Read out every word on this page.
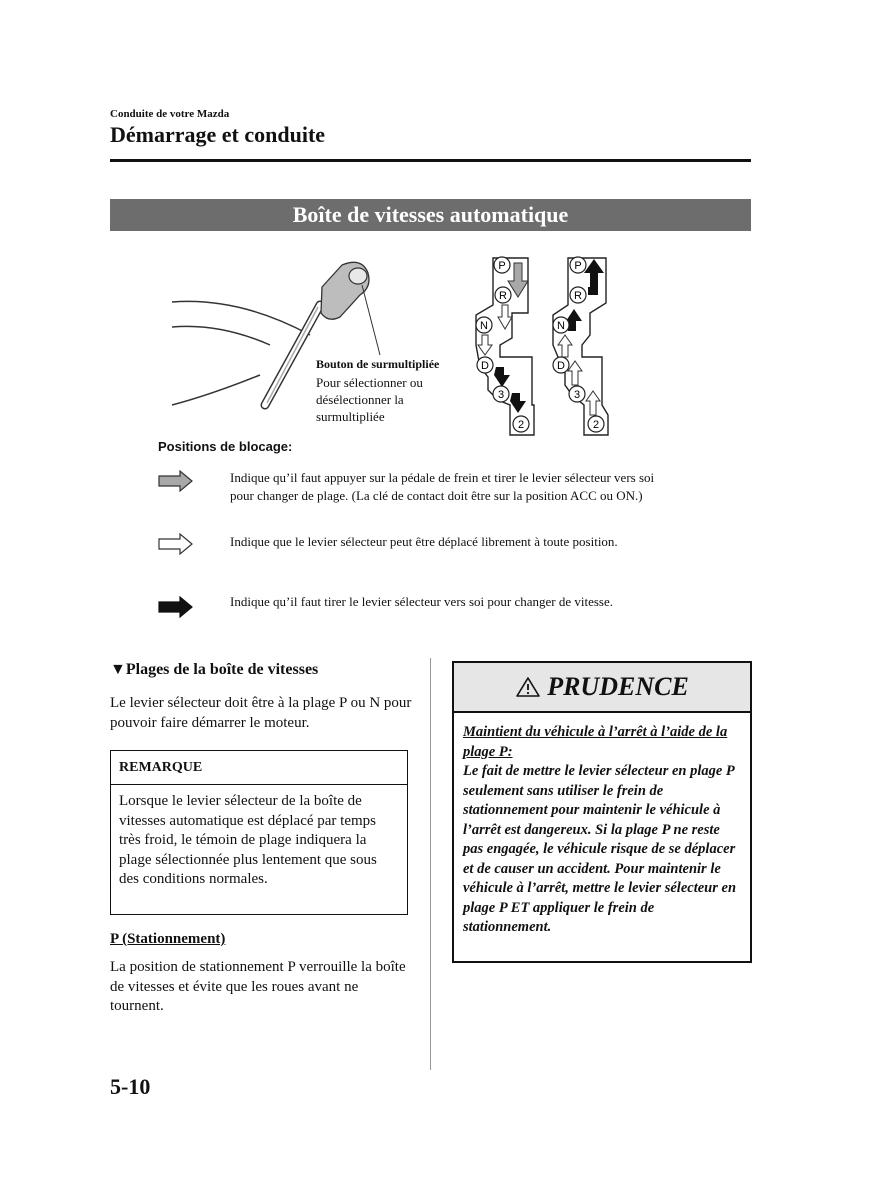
Conduite de votre Mazda
Démarrage et conduite
Boîte de vitesses automatique
P
R
N
D
3
2
P
R
N
D
3
2
Bouton de surmultipliée
Pour sélectionner ou désélectionner la surmultipliée
Positions de blocage:
Indique qu’il faut appuyer sur la pédale de frein et tirer le levier sélecteur vers soi pour changer de plage. (La clé de contact doit être sur la position ACC ou ON.)
Indique que le levier sélecteur peut être déplacé librement à toute position.
Indique qu’il faut tirer le levier sélecteur vers soi pour changer de vitesse.
▼Plages de la boîte de vitesses
Le levier sélecteur doit être à la plage P ou N pour pouvoir faire démarrer le moteur.
REMARQUE
Lorsque le levier sélecteur de la boîte de vitesses automatique est déplacé par temps très froid, le témoin de plage indiquera la plage sélectionnée plus lentement que sous des conditions normales.
P (Stationnement)
La position de stationnement P verrouille la boîte de vitesses et évite que les roues avant ne tournent.
PRUDENCE
Maintient du véhicule à l’arrêt à l’aide de la plage P:
Le fait de mettre le levier sélecteur en plage P seulement sans utiliser le frein de stationnement pour maintenir le véhicule à l’arrêt est dangereux. Si la plage P ne reste pas engagée, le véhicule risque de se déplacer et de causer un accident. Pour maintenir le véhicule à l’arrêt, mettre le levier sélecteur en plage P ET appliquer le frein de stationnement.
5-10
